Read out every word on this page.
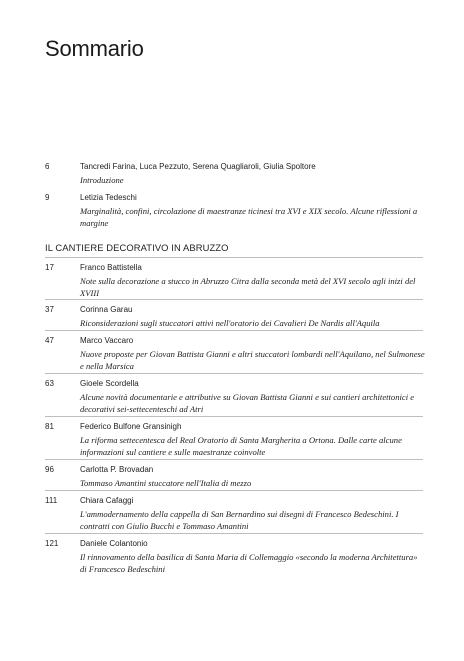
Sommario
6	Tancredi Farina, Luca Pezzuto, Serena Quagliaroli, Giulia Spoltore
Introduzione
9	Letizia Tedeschi
Marginalità, confini, circolazione di maestranze ticinesi tra XVI e XIX secolo. Alcune riflessioni a margine
IL CANTIERE DECORATIVO IN ABRUZZO
17	Franco Battistella
Note sulla decorazione a stucco in Abruzzo Citra dalla seconda metà del XVI secolo agli inizi del XVIII
37	Corinna Garau
Riconsiderazioni sugli stuccatori attivi nell'oratorio dei Cavalieri De Nardis all'Aquila
47	Marco Vaccaro
Nuove proposte per Giovan Battista Gianni e altri stuccatori lombardi nell'Aquilano, nel Sulmonese e nella Marsica
63	Gioele Scordella
Alcune novità documentarie e attributive su Giovan Battista Gianni e sui cantieri architettonici e decorativi sei-settecenteschi ad Atri
81	Federico Bulfone Gransinigh
La riforma settecentesca del Real Oratorio di Santa Margherita a Ortona. Dalle carte alcune informazioni sul cantiere e sulle maestranze coinvolte
96	Carlotta P. Brovadan
Tommaso Amantini stuccatore nell'Italia di mezzo
111	Chiara Cafaggi
L'ammodernamento della cappella di San Bernardino sui disegni di Francesco Bedeschini. I contratti con Giulio Bucchi e Tommaso Amantini
121	Daniele Colantonio
Il rinnovamento della basilica di Santa Maria di Collemaggio «secondo la moderna Architettura» di Francesco Bedeschini
